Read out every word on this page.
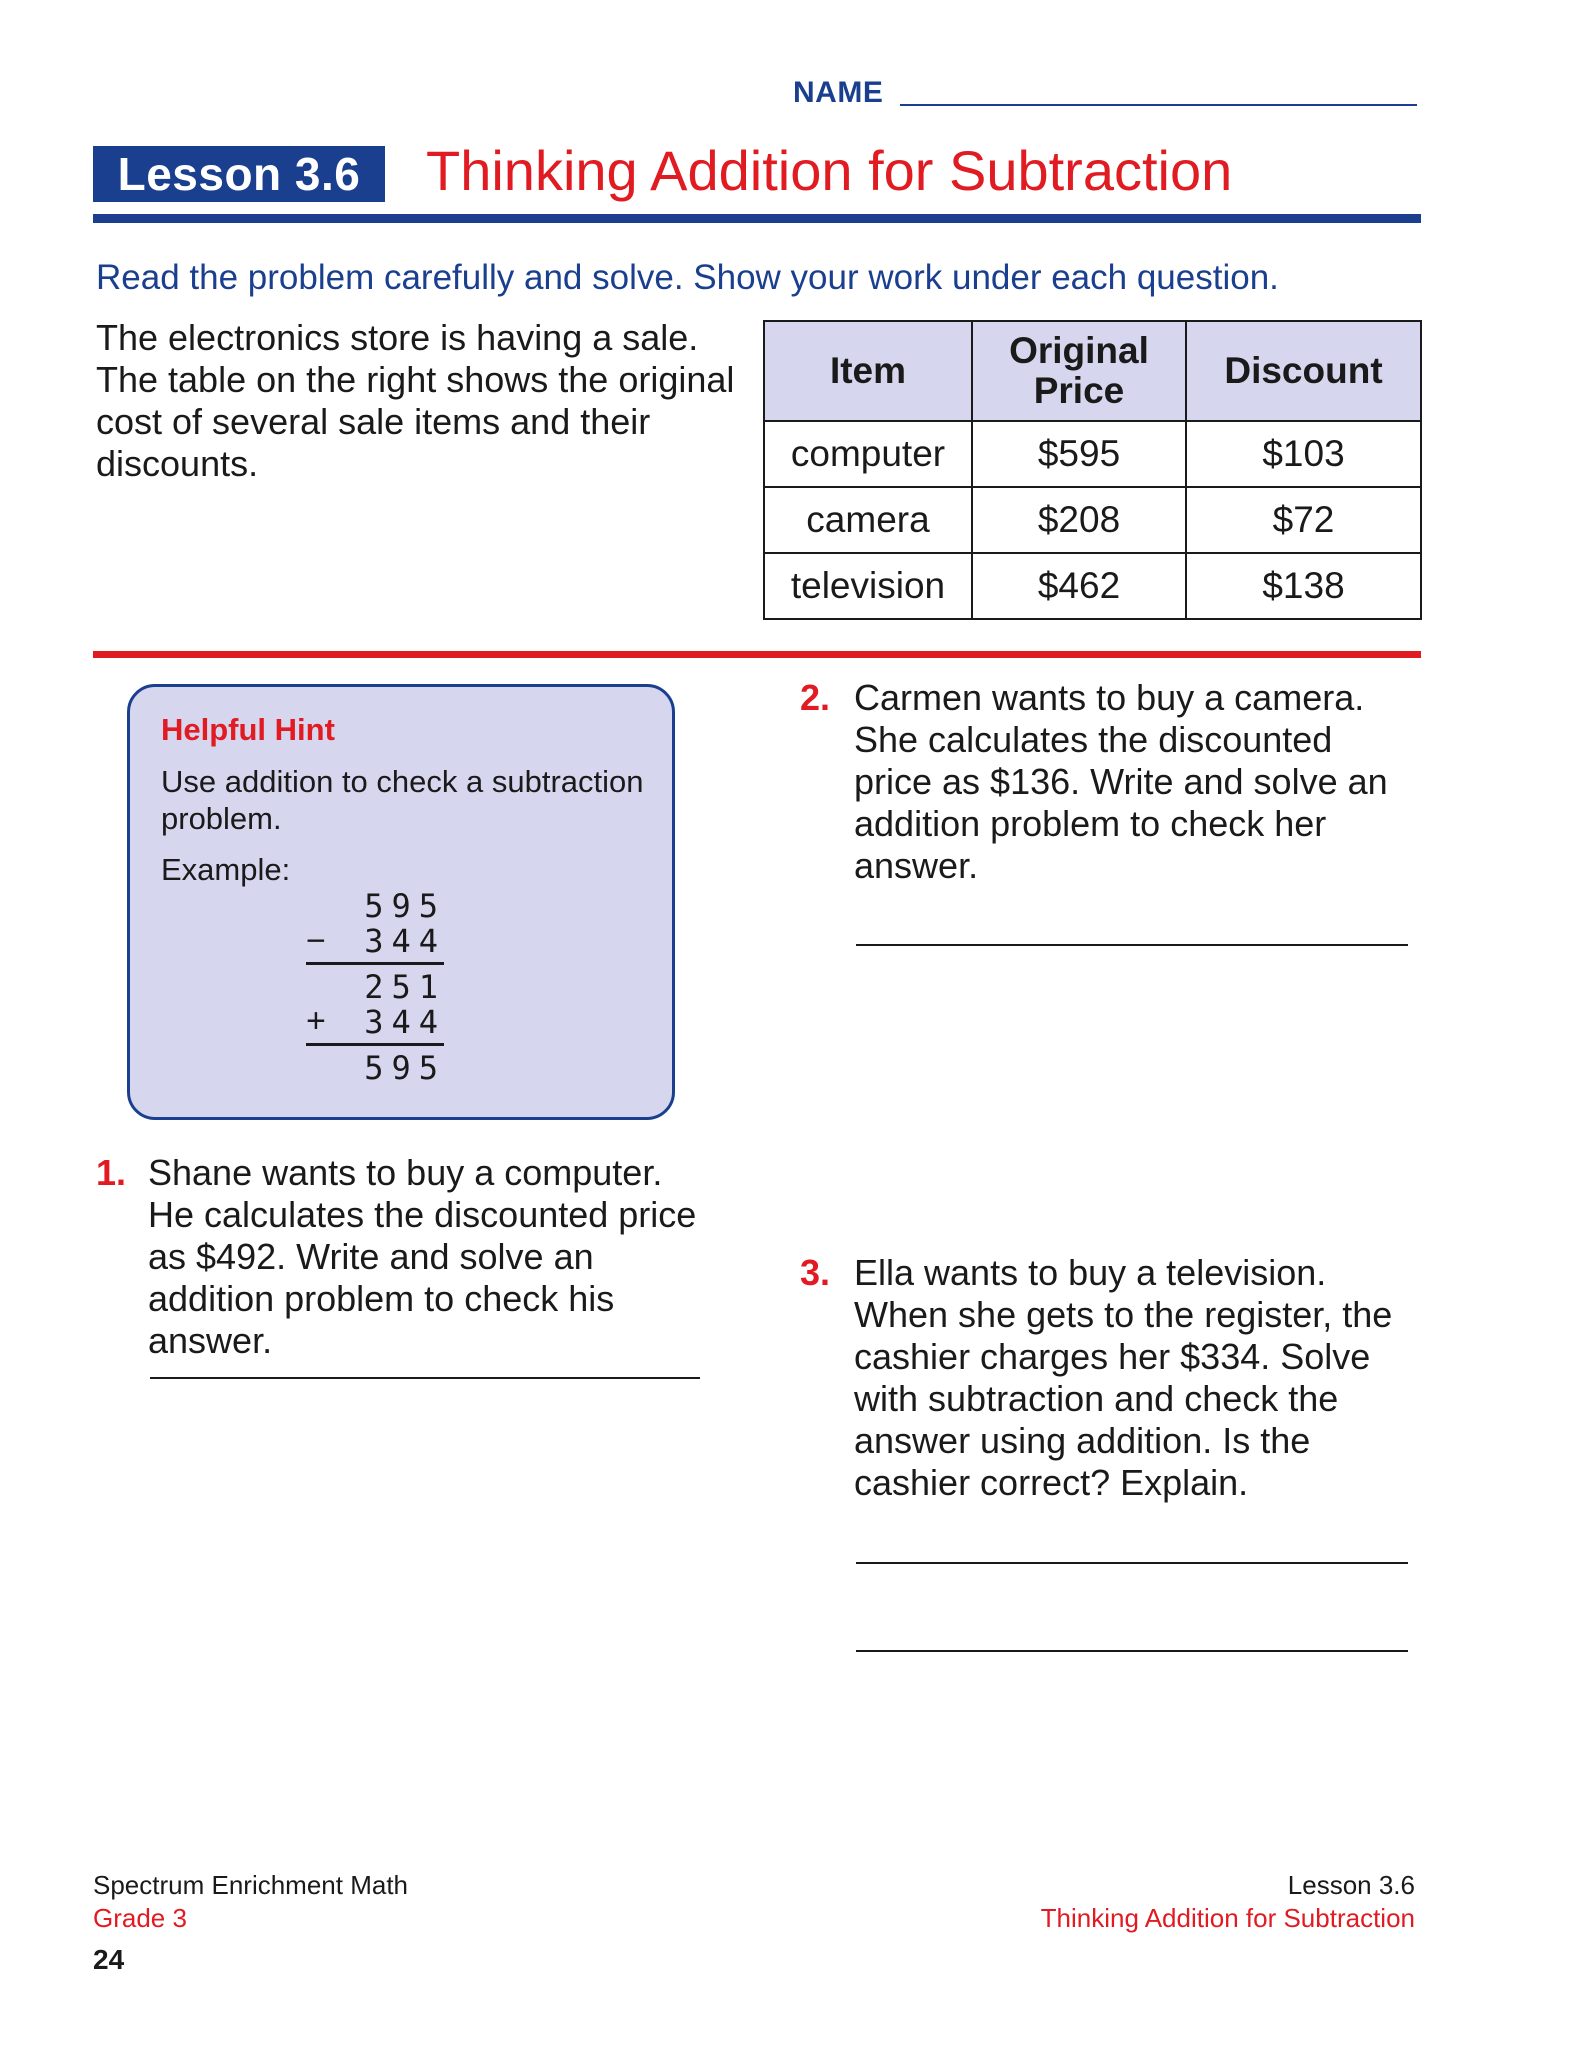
NAME
Lesson 3.6	Thinking Addition for Subtraction
Read the problem carefully and solve. Show your work under each question.
The electronics store is having a sale. The table on the right shows the original cost of several sale items and their discounts.
Item	Original Price	Discount
computer	$595	$103
camera	$208	$72
television	$462	$138
Helpful Hint
Use addition to check a subtraction problem.
Example:
595
−	344
251
+	344
595
1. Shane wants to buy a computer. He calculates the discounted price as $492. Write and solve an addition problem to check his answer.
2. Carmen wants to buy a camera. She calculates the discounted price as $136. Write and solve an addition problem to check her answer.
3. Ella wants to buy a television. When she gets to the register, the cashier charges her $334. Solve with subtraction and check the answer using addition. Is the cashier correct? Explain.
Spectrum Enrichment Math
Grade 3
24
Lesson 3.6
Thinking Addition for Subtraction
